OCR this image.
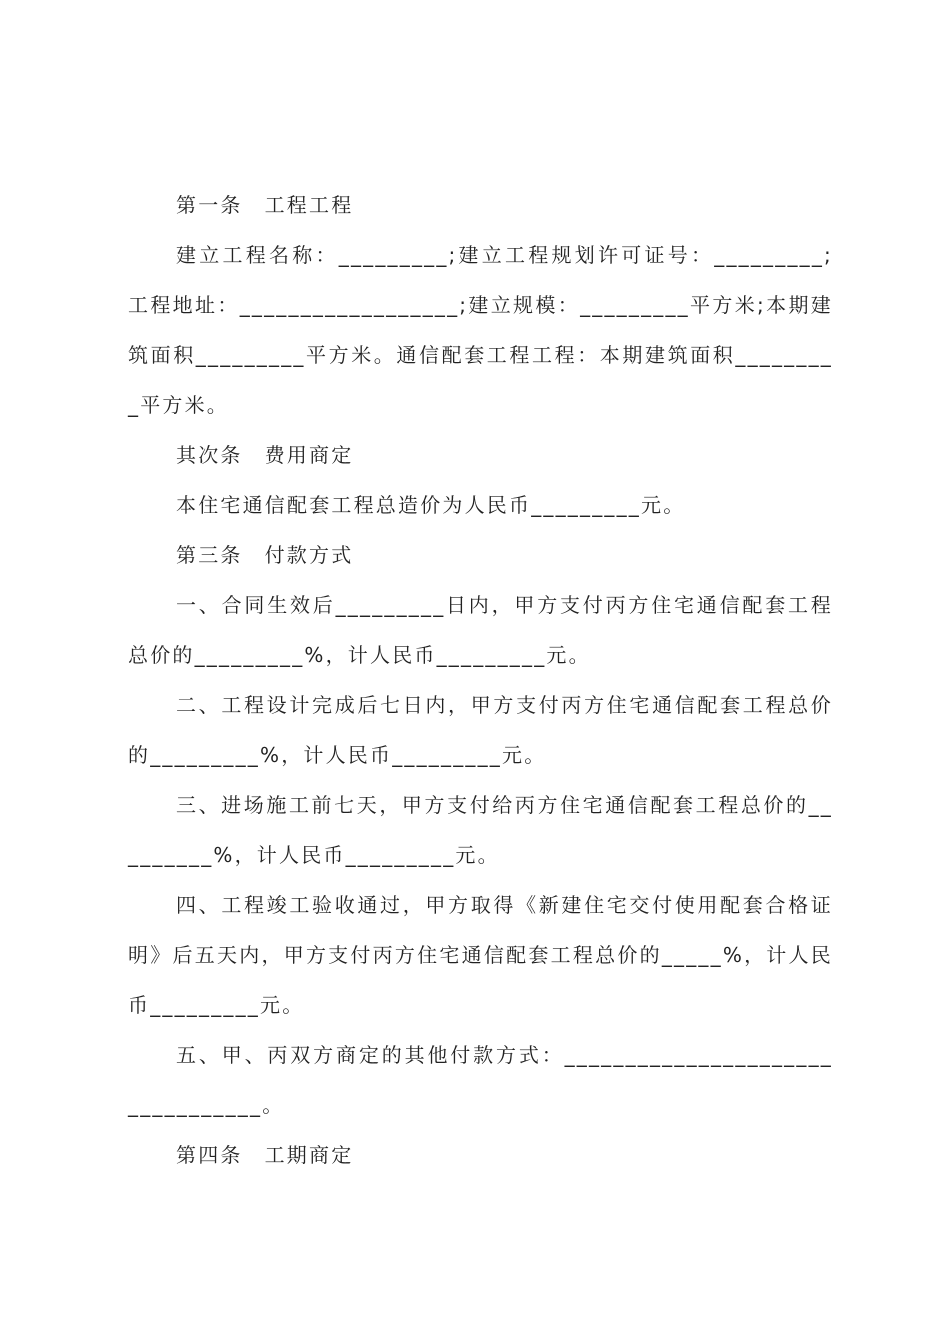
第一条 工程工程

建立工程名称：_________;建立工程规划许可证号：_________;工程地址：__________________;建立规模：_________平方米;本期建筑面积_________平方米。通信配套工程工程：本期建筑面积_________平方米。

其次条 费用商定

本住宅通信配套工程总造价为人民币_________元。

第三条 付款方式

一、合同生效后_________日内，甲方支付丙方住宅通信配套工程总价的_________%，计人民币_________元。

二、工程设计完成后七日内，甲方支付丙方住宅通信配套工程总价的_________%，计人民币_________元。

三、进场施工前七天，甲方支付给丙方住宅通信配套工程总价的_________%，计人民币_________元。

四、工程竣工验收通过，甲方取得《新建住宅交付使用配套合格证明》后五天内，甲方支付丙方住宅通信配套工程总价的_____%，计人民币_________元。

五、甲、丙双方商定的其他付款方式：_________________________________。

第四条 工期商定
